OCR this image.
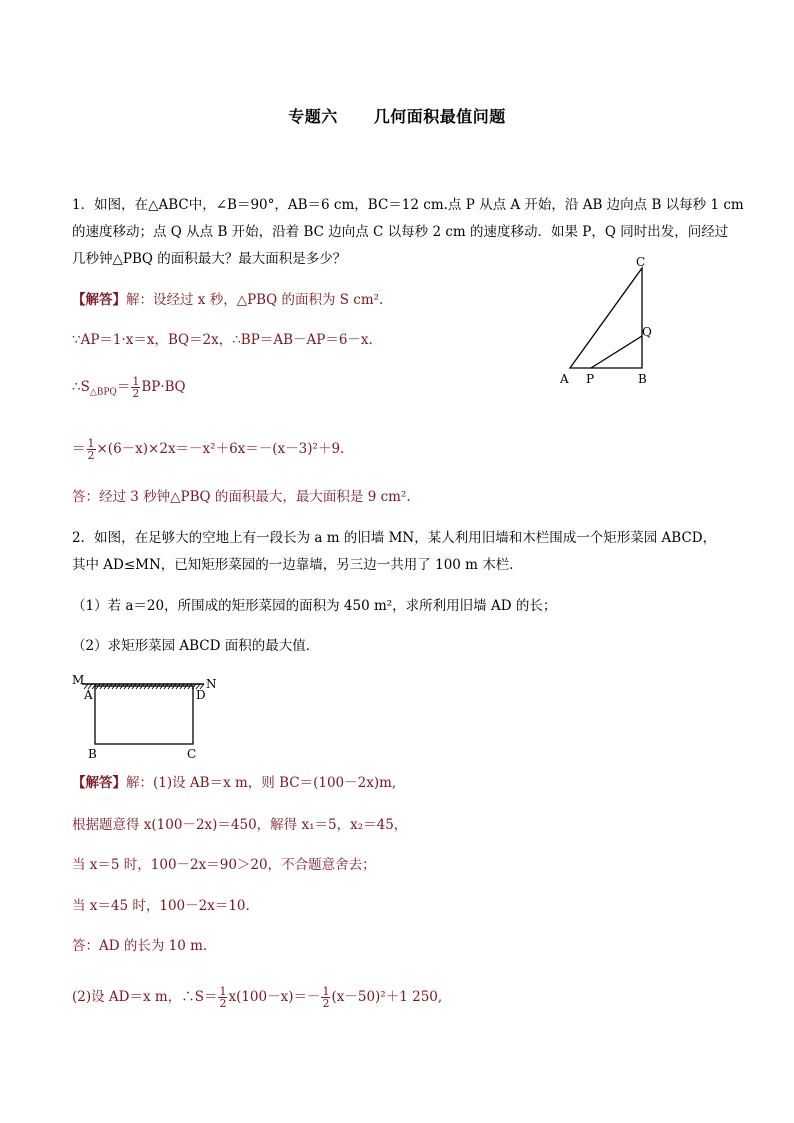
专题六 几何面积最值问题
1．如图，在△ABC中，∠B＝90°，AB＝6 cm，BC＝12 cm.点 P 从点 A 开始，沿 AB 边向点 B 以每秒 1 cm
的速度移动；点 Q 从点 B 开始，沿着 BC 边向点 C 以每秒 2 cm 的速度移动．如果 P，Q 同时出发，问经过
几秒钟△PBQ 的面积最大？最大面积是多少？
【解答】解：设经过 x 秒，△PBQ 的面积为 S cm².
∵AP＝1·x＝x，BQ＝2x，∴BP＝AB－AP＝6－x.
$\therefore S_{\triangle BPQ}= \frac{1}{2} BP\cdot BQ$
＝ $\frac{1}{2} \times(6-x)\times 2x=-x^2+6x=-(x-3)^2+9$.
答：经过 3 秒钟△PBQ 的面积最大，最大面积是 9 cm².
C
Q
A P	B
2．如图，在足够大的空地上有一段长为 a m 的旧墙 MN，某人利用旧墙和木栏围成一个矩形菜园 ABCD，
其中 AD≤MN，已知矩形菜园的一边靠墙，另三边一共用了 100 m 木栏．
（1）若 a＝20，所围成的矩形菜园的面积为 450 m²，求所利用旧墙 AD 的长；
（2）求矩形菜园 ABCD 面积的最大值．
M	N
A	D
B	C
【解答】解：(1)设 AB＝x m，则 BC＝(100－2x)m,
根据题意得 x(100－2x)＝450，解得 x₁＝5，x₂＝45，
当 x＝5 时，100－2x＝90＞20，不合题意舍去；
当 x＝45 时，100－2x＝10.
答：AD 的长为 10 m.
(2)设 AD＝x m，∴S＝ $\frac{1}{2} x(100-x)=- \frac{1}{2} (x-50)^2+1$ 250,
